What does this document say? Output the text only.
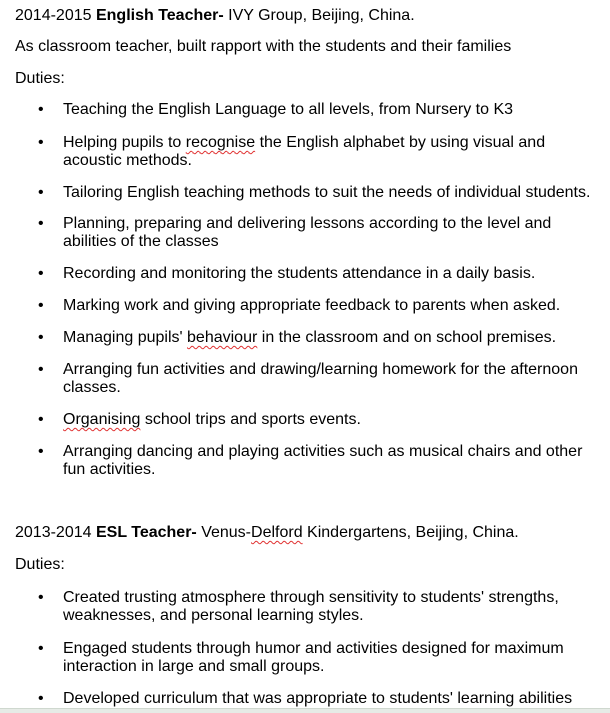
2014-2015 English Teacher- IVY Group, Beijing, China.
As classroom teacher, built rapport with the students and their families
Duties:
• Teaching the English Language to all levels, from Nursery to K3
• Helping pupils to recognise the English alphabet by using visual and acoustic methods.
• Tailoring English teaching methods to suit the needs of individual students.
• Planning, preparing and delivering lessons according to the level and abilities of the classes
• Recording and monitoring the students attendance in a daily basis.
• Marking work and giving appropriate feedback to parents when asked.
• Managing pupils' behaviour in the classroom and on school premises.
• Arranging fun activities and drawing/learning homework for the afternoon classes.
• Organising school trips and sports events.
• Arranging dancing and playing activities such as musical chairs and other fun activities.
2013-2014 ESL Teacher- Venus-Delford Kindergartens, Beijing, China.
Duties:
• Created trusting atmosphere through sensitivity to students' strengths, weaknesses, and personal learning styles.
• Engaged students through humor and activities designed for maximum interaction in large and small groups.
• Developed curriculum that was appropriate to students' learning abilities
